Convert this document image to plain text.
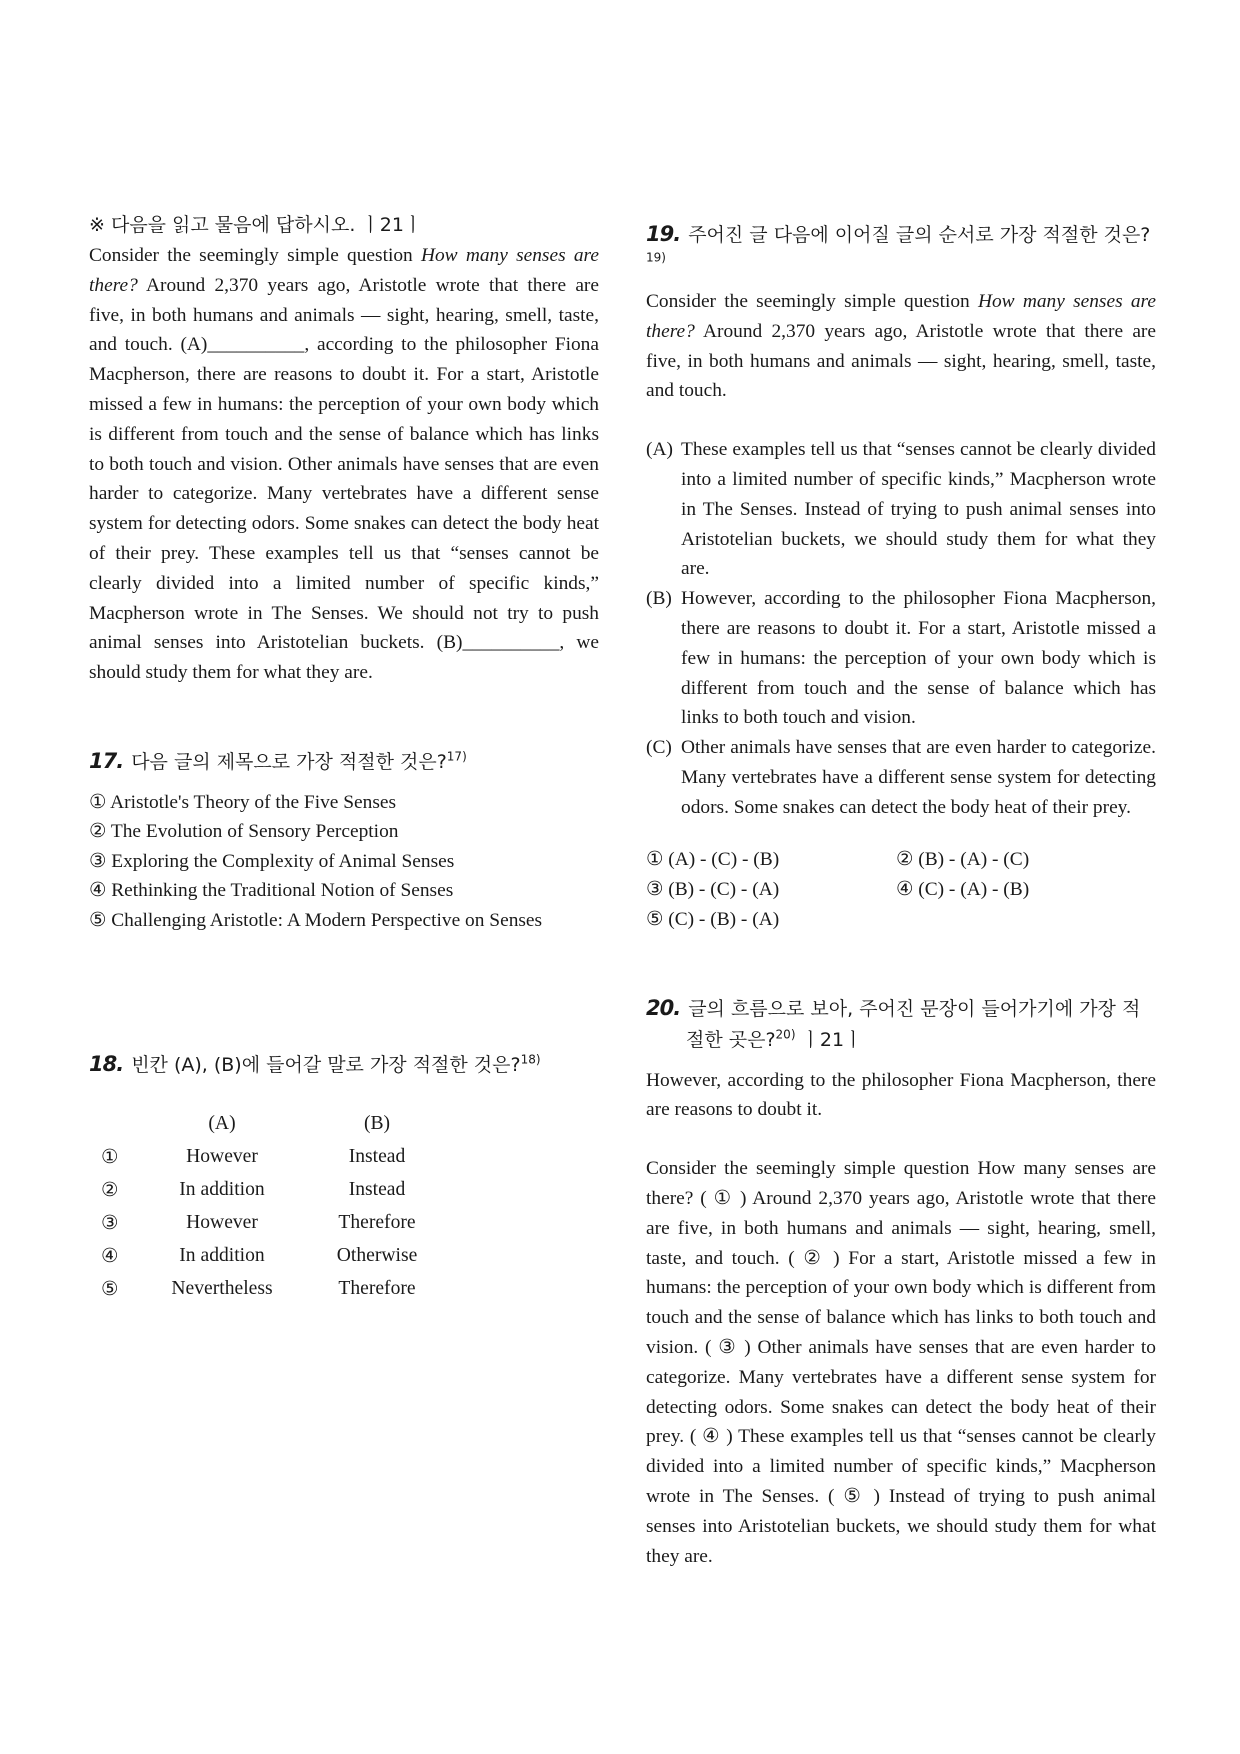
※ 다음을 읽고 물음에 답하시오. ㅣ21ㅣ

Consider the seemingly simple question How many senses are there? Around 2,370 years ago, Aristotle wrote that there are five, in both humans and animals — sight, hearing, smell, taste, and touch. (A)__________, according to the philosopher Fiona Macpherson, there are reasons to doubt it. For a start, Aristotle missed a few in humans: the perception of your own body which is different from touch and the sense of balance which has links to both touch and vision. Other animals have senses that are even harder to categorize. Many vertebrates have a different sense system for detecting odors. Some snakes can detect the body heat of their prey. These examples tell us that “senses cannot be clearly divided into a limited number of specific kinds,” Macpherson wrote in The Senses. We should not try to push animal senses into Aristotelian buckets. (B)__________, we should study them for what they are.

17. 다음 글의 제목으로 가장 적절한 것은?$^{17)}$

① Aristotle's Theory of the Five Senses
② The Evolution of Sensory Perception
③ Exploring the Complexity of Animal Senses
④ Rethinking the Traditional Notion of Senses
⑤ Challenging Aristotle: A Modern Perspective on Senses

18. 빈칸 (A), (B)에 들어갈 말로 가장 적절한 것은?$^{18)}$

	(A)	(B)
①	However	Instead
②	In addition	Instead
③	However	Therefore
④	In addition	Otherwise
⑤	Nevertheless	Therefore

19. 주어진 글 다음에 이어질 글의 순서로 가장 적절한 것은?$^{19)}$

Consider the seemingly simple question How many senses are there? Around 2,370 years ago, Aristotle wrote that there are five, in both humans and animals — sight, hearing, smell, taste, and touch.

(A) These examples tell us that “senses cannot be clearly divided into a limited number of specific kinds,” Macpherson wrote in The Senses. Instead of trying to push animal senses into Aristotelian buckets, we should study them for what they are.

(B) However, according to the philosopher Fiona Macpherson, there are reasons to doubt it. For a start, Aristotle missed a few in humans: the perception of your own body which is different from touch and the sense of balance which has links to both touch and vision.

(C) Other animals have senses that are even harder to categorize. Many vertebrates have a different sense system for detecting odors. Some snakes can detect the body heat of their prey.

① (A) - (C) - (B)	② (B) - (A) - (C)
③ (B) - (C) - (A)	④ (C) - (A) - (B)
⑤ (C) - (B) - (A)

20. 글의 흐름으로 보아, 주어진 문장이 들어가기에 가장 적절한 곳은?$^{20)}$ ㅣ21ㅣ

However, according to the philosopher Fiona Macpherson, there are reasons to doubt it.

Consider the seemingly simple question How many senses are there? ( ① ) Around 2,370 years ago, Aristotle wrote that there are five, in both humans and animals — sight, hearing, smell, taste, and touch. ( ② ) For a start, Aristotle missed a few in humans: the perception of your own body which is different from touch and the sense of balance which has links to both touch and vision. ( ③ ) Other animals have senses that are even harder to categorize. Many vertebrates have a different sense system for detecting odors. Some snakes can detect the body heat of their prey. ( ④ ) These examples tell us that “senses cannot be clearly divided into a limited number of specific kinds,” Macpherson wrote in The Senses. ( ⑤ ) Instead of trying to push animal senses into Aristotelian buckets, we should study them for what they are.
